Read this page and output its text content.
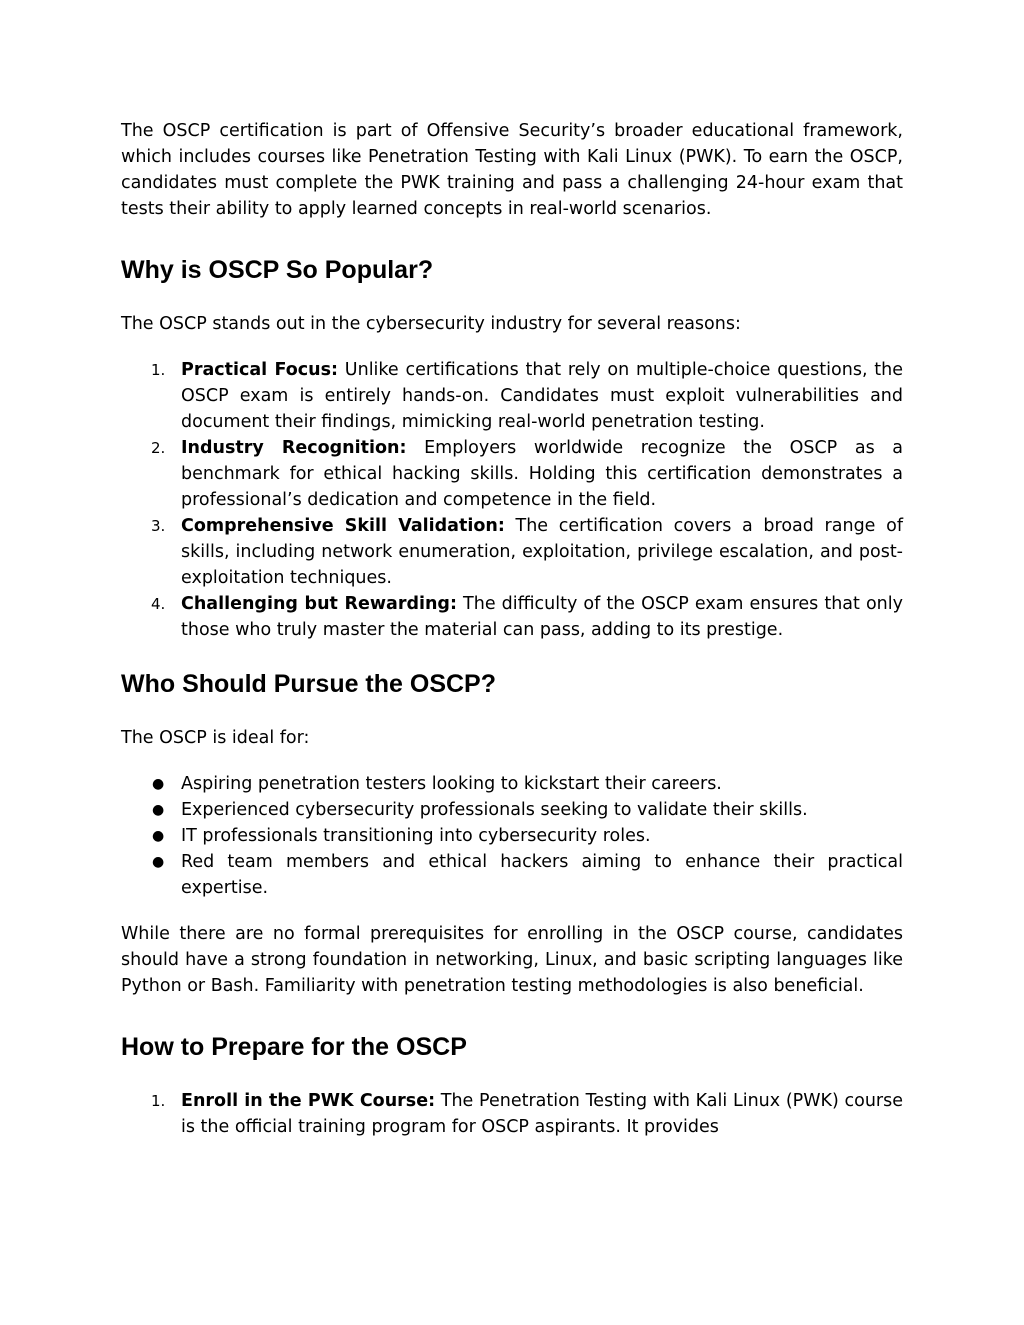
The OSCP certification is part of Offensive Security’s broader educational framework, which includes courses like Penetration Testing with Kali Linux (PWK). To earn the OSCP, candidates must complete the PWK training and pass a challenging 24-hour exam that tests their ability to apply learned concepts in real-world scenarios.

Why is OSCP So Popular?

The OSCP stands out in the cybersecurity industry for several reasons:

1. Practical Focus: Unlike certifications that rely on multiple-choice questions, the OSCP exam is entirely hands-on. Candidates must exploit vulnerabilities and document their findings, mimicking real-world penetration testing.
2. Industry Recognition: Employers worldwide recognize the OSCP as a benchmark for ethical hacking skills. Holding this certification demonstrates a professional’s dedication and competence in the field.
3. Comprehensive Skill Validation: The certification covers a broad range of skills, including network enumeration, exploitation, privilege escalation, and post-exploitation techniques.
4. Challenging but Rewarding: The difficulty of the OSCP exam ensures that only those who truly master the material can pass, adding to its prestige.
Who Should Pursue the OSCP?

The OSCP is ideal for:

● Aspiring penetration testers looking to kickstart their careers.
● Experienced cybersecurity professionals seeking to validate their skills.
● IT professionals transitioning into cybersecurity roles.
● Red team members and ethical hackers aiming to enhance their practical expertise.

While there are no formal prerequisites for enrolling in the OSCP course, candidates should have a strong foundation in networking, Linux, and basic scripting languages like Python or Bash. Familiarity with penetration testing methodologies is also beneficial.

How to Prepare for the OSCP
1. Enroll in the PWK Course: The Penetration Testing with Kali Linux (PWK) course is the official training program for OSCP aspirants. It provides
